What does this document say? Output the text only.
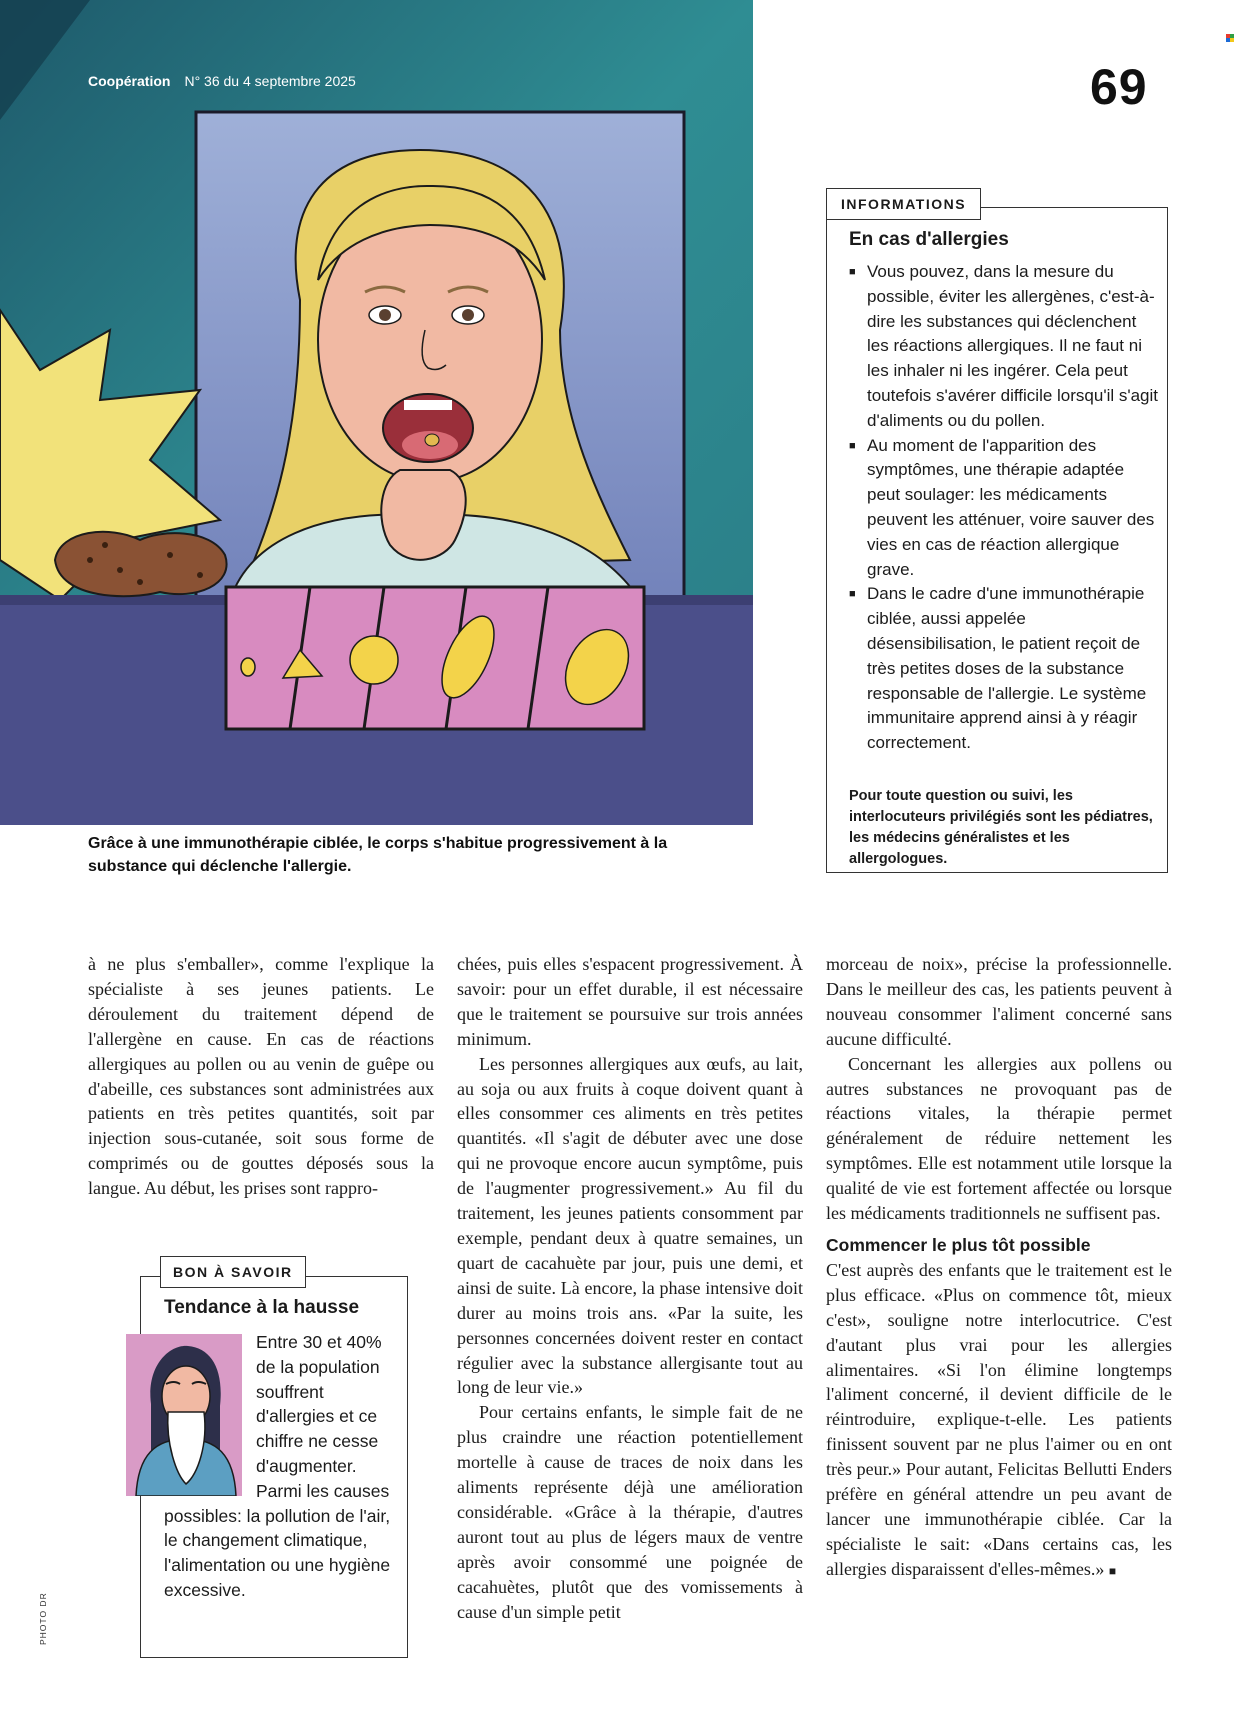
Coopération N° 36 du 4 septembre 2025	69
Grâce à une immunothérapie ciblée, le corps s'habitue progressivement à la substance qui déclenche l'allergie.
INFORMATIONS
En cas d'allergies
■ Vous pouvez, dans la mesure du possible, éviter les allergènes, c'est-à-dire les substances qui déclenchent les réactions allergiques. Il ne faut ni les inhaler ni les ingérer. Cela peut toutefois s'avérer difficile lorsqu'il s'agit d'aliments ou du pollen.
■ Au moment de l'apparition des symptômes, une thérapie adaptée peut soulager: les médicaments peuvent les atténuer, voire sauver des vies en cas de réaction allergique grave.
■ Dans le cadre d'une immunothérapie ciblée, aussi appelée désensibilisation, le patient reçoit de très petites doses de la substance responsable de l'allergie. Le système immunitaire apprend ainsi à y réagir correctement.
Pour toute question ou suivi, les interlocuteurs privilégiés sont les pédiatres, les médecins généralistes et les allergologues.

à ne plus s'emballer», comme l'explique la spécialiste à ses jeunes patients. Le déroulement du traitement dépend de l'allergène en cause. En cas de réactions allergiques au pollen ou au venin de guêpe ou d'abeille, ces substances sont administrées aux patients en très petites quantités, soit par injection sous-cutanée, soit sous forme de comprimés ou de gouttes déposés sous la langue. Au début, les prises sont rappro-

chées, puis elles s'espacent progressivement. À savoir: pour un effet durable, il est nécessaire que le traitement se poursuive sur trois années minimum.

Les personnes allergiques aux œufs, au lait, au soja ou aux fruits à coque doivent quant à elles consommer ces aliments en très petites quantités. «Il s'agit de débuter avec une dose qui ne provoque encore aucun symptôme, puis de l'augmenter progressivement.» Au fil du traitement, les jeunes patients consomment par exemple, pendant deux à quatre semaines, un quart de cacahuète par jour, puis une demi, et ainsi de suite. Là encore, la phase intensive doit durer au moins trois ans. «Par la suite, les personnes concernées doivent rester en contact régulier avec la substance allergisante tout au long de leur vie.»

Pour certains enfants, le simple fait de ne plus craindre une réaction potentiellement mortelle à cause de traces de noix dans les aliments représente déjà une amélioration considérable. «Grâce à la thérapie, d'autres auront tout au plus de légers maux de ventre après avoir consommé une poignée de cacahuètes, plutôt que des vomissements à cause d'un simple petit

morceau de noix», précise la professionnelle. Dans le meilleur des cas, les patients peuvent à nouveau consommer l'aliment concerné sans aucune difficulté.

Concernant les allergies aux pollens ou autres substances ne provoquant pas de réactions vitales, la thérapie permet généralement de réduire nettement les symptômes. Elle est notamment utile lorsque la qualité de vie est fortement affectée ou lorsque les médicaments traditionnels ne suffisent pas.

Commencer le plus tôt possible

C'est auprès des enfants que le traitement est le plus efficace. «Plus on commence tôt, mieux c'est», souligne notre interlocutrice. C'est d'autant plus vrai pour les allergies alimentaires. «Si l'on élimine longtemps l'aliment concerné, il devient difficile de le réintroduire, explique-t-elle. Les patients finissent souvent par ne plus l'aimer ou en ont très peur.» Pour autant, Felicitas Bellutti Enders préfère en général attendre un peu avant de lancer une immunothérapie ciblée. Car la spécialiste le sait: «Dans certains cas, les allergies disparaissent d'elles-mêmes.» ■

BON À SAVOIR
Tendance à la hausse
Entre 30 et 40% de la population souffrent d'allergies et ce chiffre ne cesse d'augmenter. Parmi les causes possibles: la pollution de l'air, le changement climatique, l'alimentation ou une hygiène excessive.
PHOTO DR
